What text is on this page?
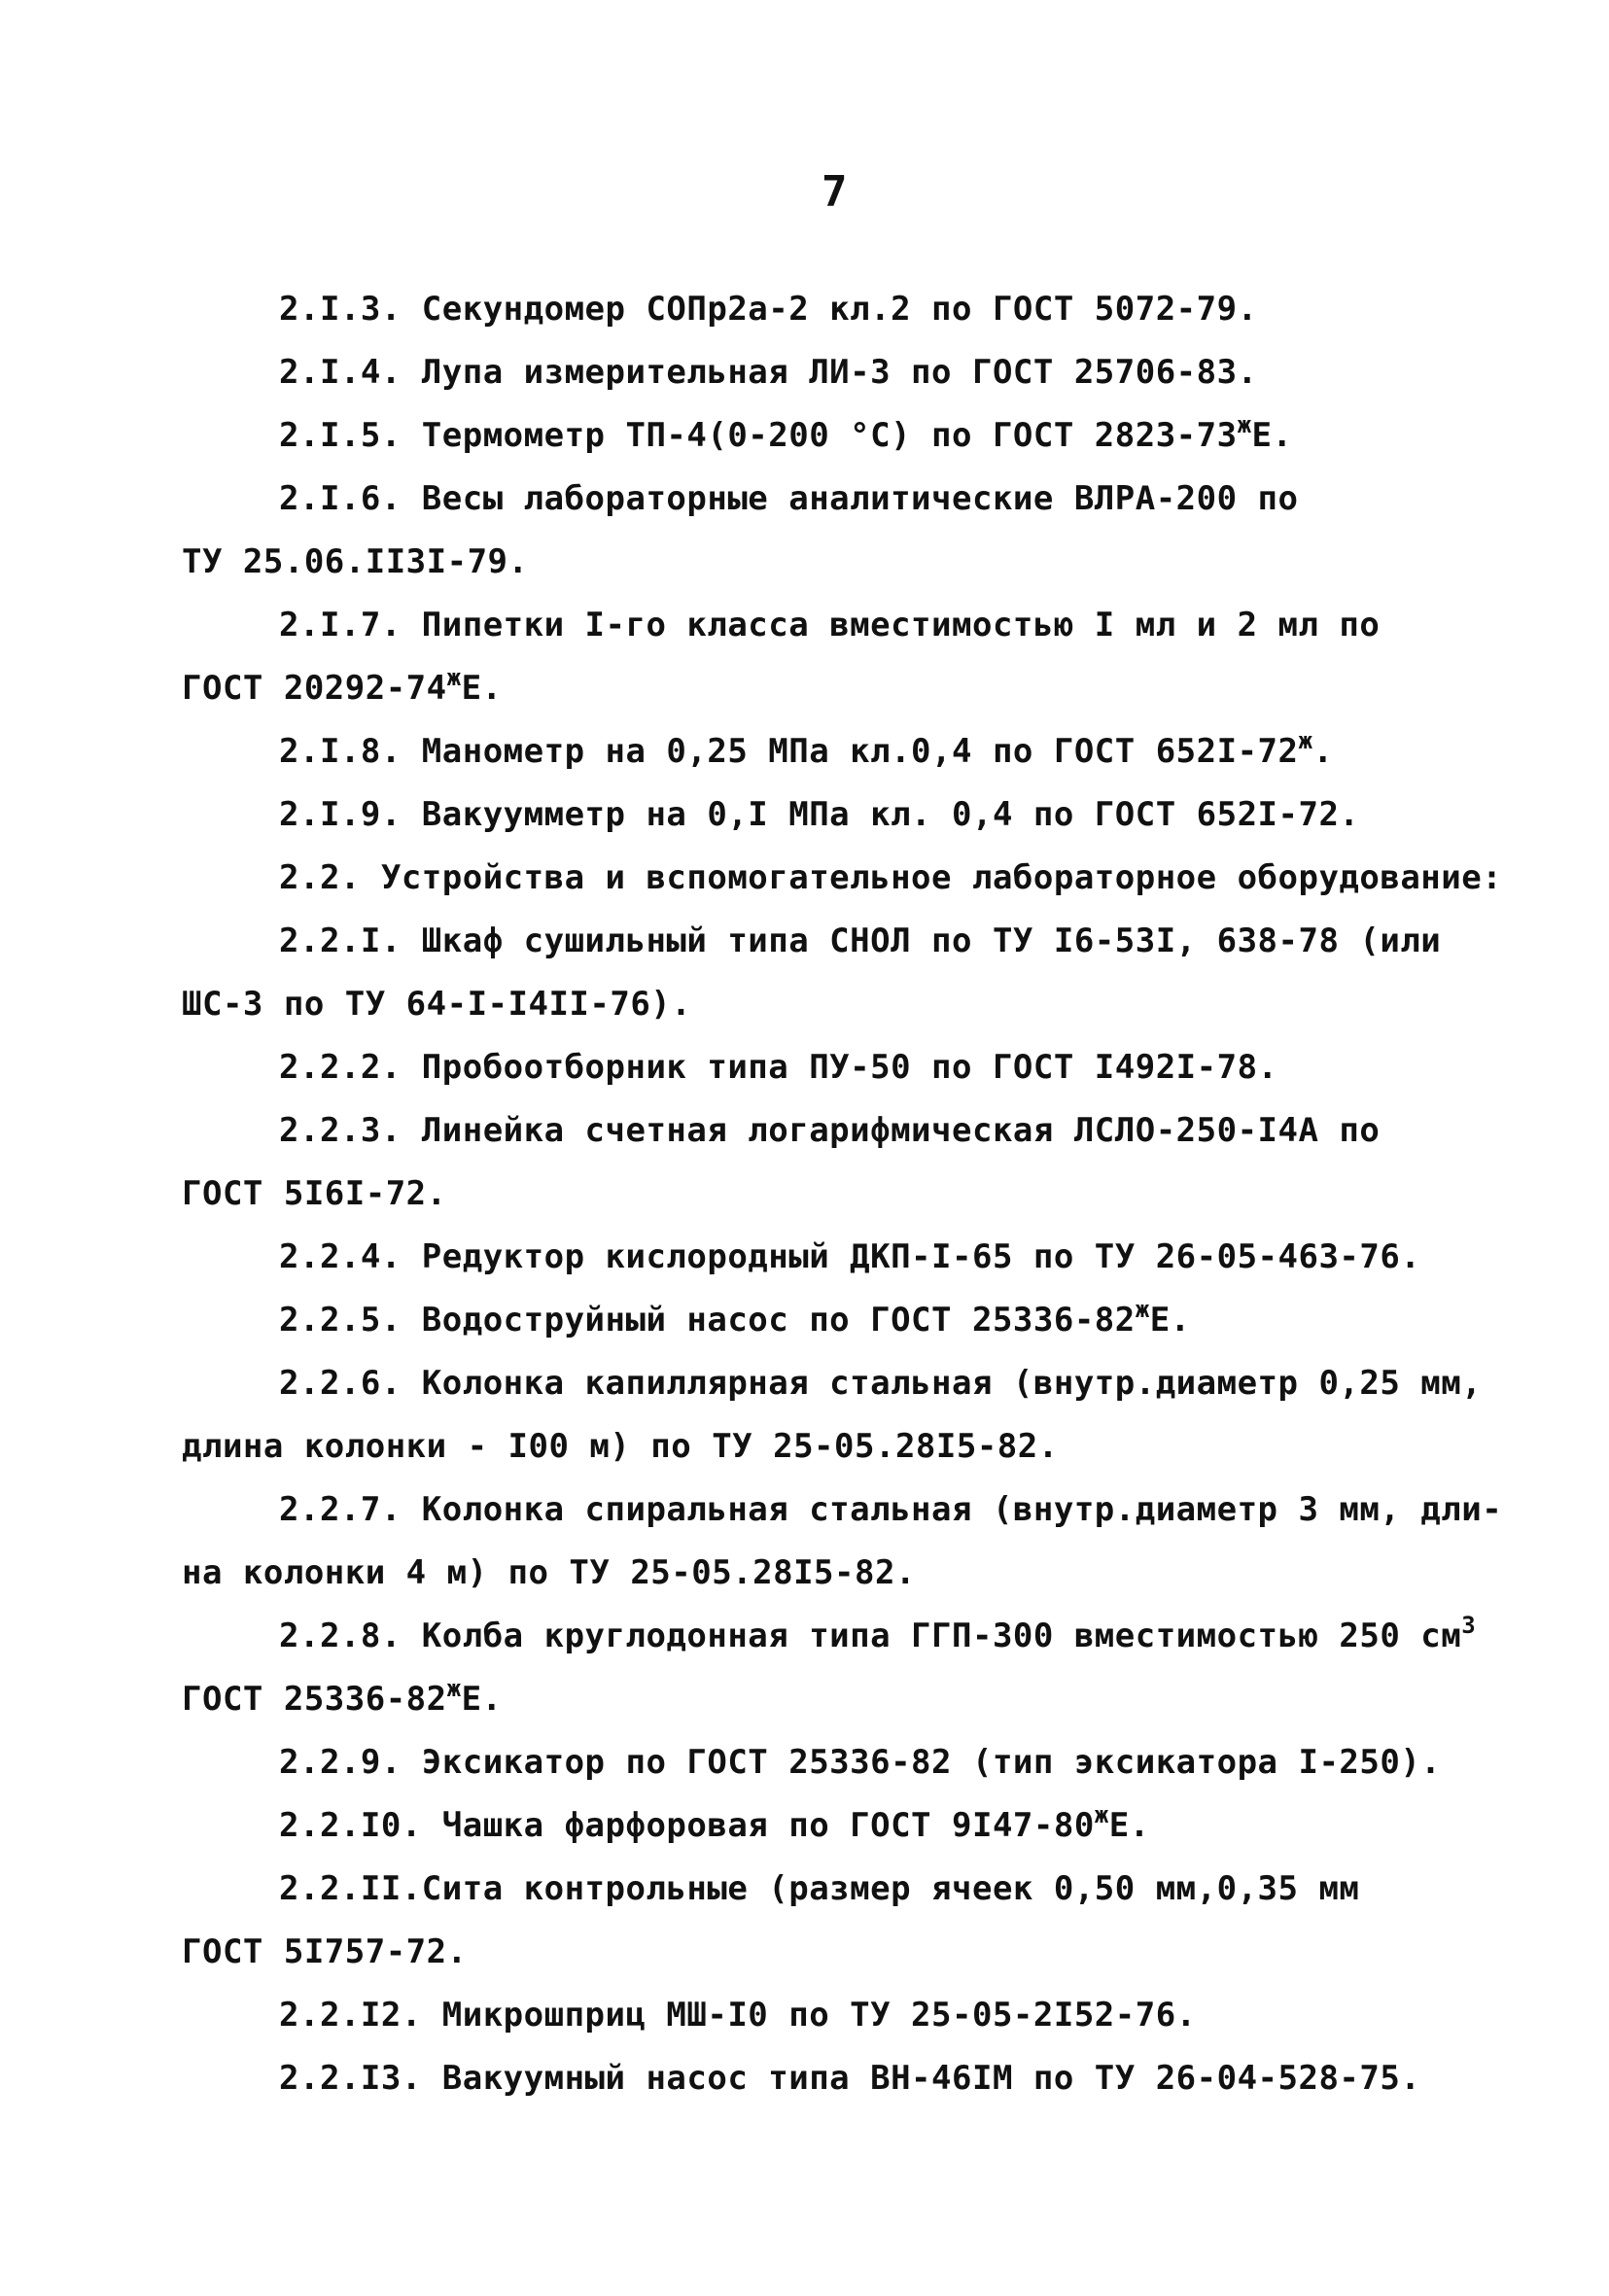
7
2.I.3. Секундомер СОПр2а-2 кл.2 по ГОСТ 5072-79.
2.I.4. Лупа измерительная ЛИ-3 по ГОСТ 25706-83.
2.I.5. Термометр ТП-4(0-200 °С) по ГОСТ $2823-73^жЕ$.
2.I.6. Весы лабораторные аналитические ВЛРА-200 по
ТУ 25.06.II3I-79.
2.I.7. Пипетки I-го класса вместимостью I мл и 2 мл по
ГОСТ $20292-74^жЕ$.
2.I.8. Манометр на 0,25 МПа кл.0,4 по ГОСТ $652I-72^ж$.
2.I.9. Вакуумметр на 0,I МПа кл. 0,4 по ГОСТ 652I-72.
2.2. Устройства и вспомогательное лабораторное оборудование:
2.2.I. Шкаф сушильный типа СНОЛ по ТУ I6-53I, 638-78 (или
ШС-3 по ТУ 64-I-I4II-76).
2.2.2. Пробоотборник типа ПУ-50 по ГОСТ I492I-78.
2.2.3. Линейка счетная логарифмическая ЛСЛО-250-I4А по
ГОСТ 5I6I-72.
2.2.4. Редуктор кислородный ДКП-I-65 по ТУ 26-05-463-76.
2.2.5. Водоструйный насос по ГОСТ $25336-82^жЕ$.
2.2.6. Колонка капиллярная стальная (внутр.диаметр 0,25 мм,
длина колонки - I00 м) по ТУ 25-05.28I5-82.
2.2.7. Колонка спиральная стальная (внутр.диаметр 3 мм, дли-
на колонки 4 м) по ТУ 25-05.28I5-82.
2.2.8. Колба круглодонная типа ГГП-300 вместимостью 250 $см^3$
ГОСТ $25336-82^жЕ$.
2.2.9. Эксикатор по ГОСТ 25336-82 (тип эксикатора I-250).
2.2.I0. Чашка фарфоровая по ГОСТ $9I47-80^жЕ$.
2.2.II.Сита контрольные (размер ячеек 0,50 мм,0,35 мм
ГОСТ 5I757-72.
2.2.I2. Микрошприц МШ-I0 по ТУ 25-05-2I52-76.
2.2.I3. Вакуумный насос типа ВН-46IМ по ТУ 26-04-528-75.
